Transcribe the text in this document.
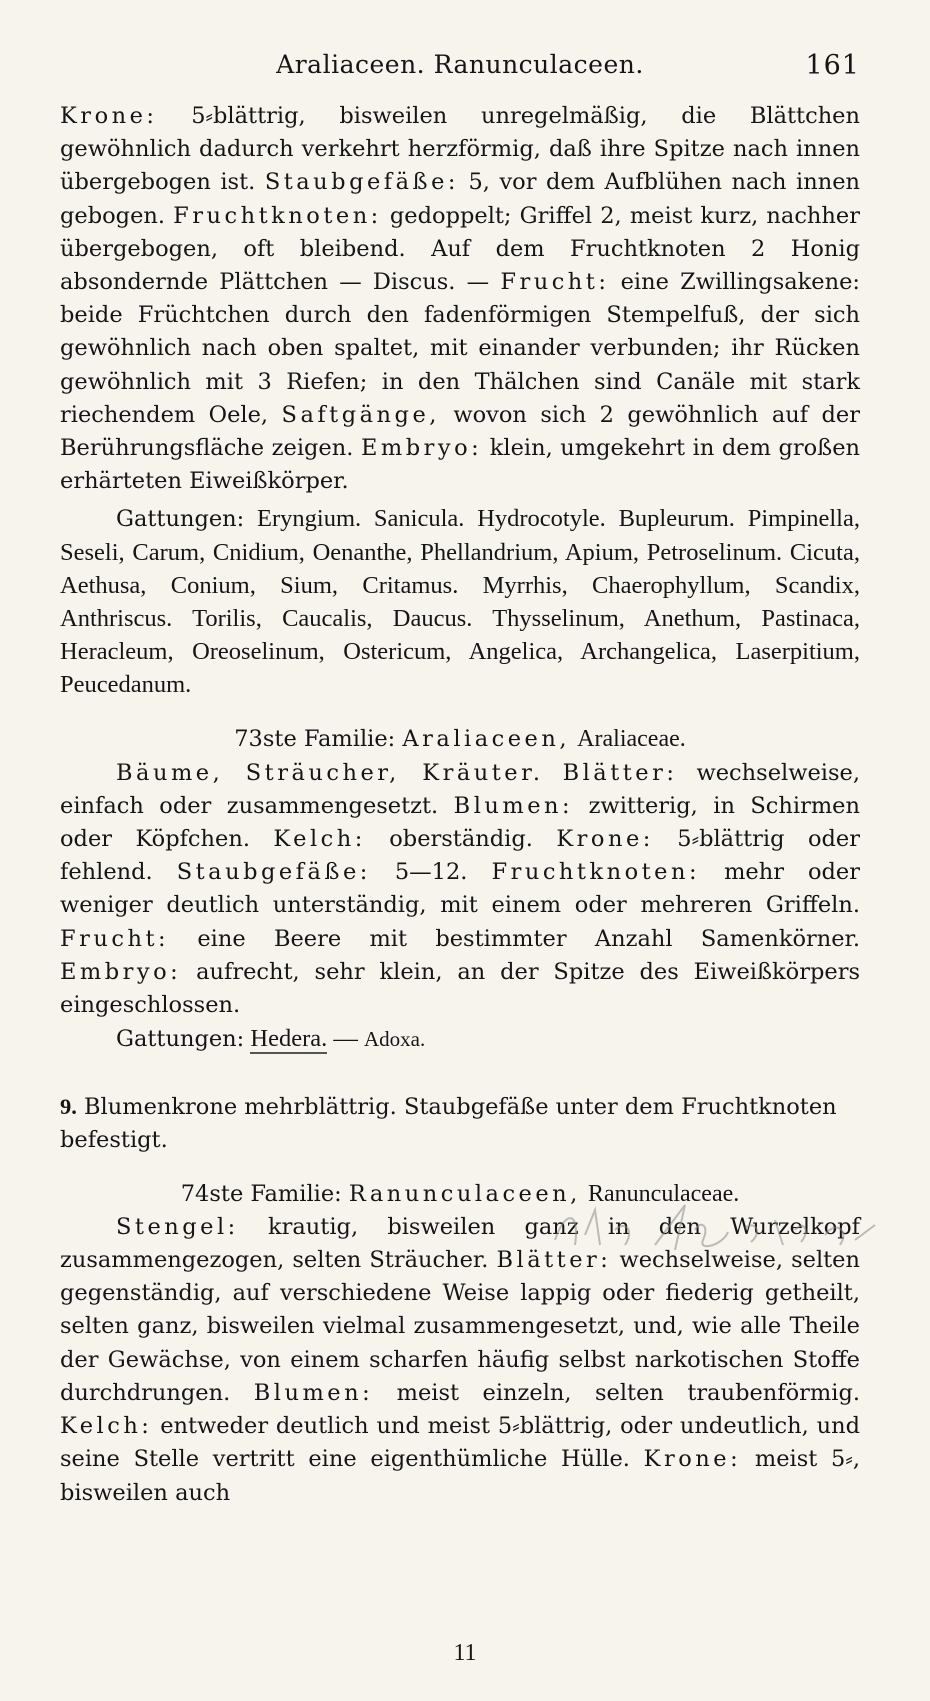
Araliaceen. Ranunculaceen.	161

Krone: 5⸗blättrig, bisweilen unregelmäßig, die Blättchen gewöhnlich dadurch verkehrt herzförmig, daß ihre Spitze nach innen übergebogen ist. Staubgefäße: 5, vor dem Aufblühen nach innen gebogen. Fruchtknoten: gedoppelt; Griffel 2, meist kurz, nachher übergebogen, oft bleibend. Auf dem Fruchtknoten 2 Honig absondernde Plättchen — Discus. — Frucht: eine Zwillingsakene: beide Früchtchen durch den fadenförmigen Stempelfuß, der sich gewöhnlich nach oben spaltet, mit einander verbunden; ihr Rücken gewöhnlich mit 3 Riefen; in den Thälchen sind Canäle mit stark riechendem Oele, Saftgänge, wovon sich 2 gewöhnlich auf der Berührungsfläche zeigen. Embryo: klein, umgekehrt in dem großen erhärteten Eiweißkörper.

Gattungen: Eryngium. Sanicula. Hydrocotyle. Bupleurum. Pimpinella, Seseli, Carum, Cnidium, Oenanthe, Phellandrium, Apium, Petroselinum. Cicuta, Aethusa, Conium, Sium, Critamus. Myrrhis, Chaerophyllum, Scandix, Anthriscus. Torilis, Caucalis, Daucus. Thysselinum, Anethum, Pastinaca, Heracleum, Oreoselinum, Ostericum, Angelica, Archangelica, Laserpitium, Peucedanum.

73ste Familie: Araliaceen, Araliaceae.

Bäume, Sträucher, Kräuter. Blätter: wechselweise, einfach oder zusammengesetzt. Blumen: zwitterig, in Schirmen oder Köpfchen. Kelch: oberständig. Krone: 5⸗blättrig oder fehlend. Staubgefäße: 5—12. Fruchtknoten: mehr oder weniger deutlich unterständig, mit einem oder mehreren Griffeln. Frucht: eine Beere mit bestimmter Anzahl Samenkörner. Embryo: aufrecht, sehr klein, an der Spitze des Eiweißkörpers eingeschlossen.

Gattungen: Hedera. — Adoxa.

9. Blumenkrone mehrblättrig. Staubgefäße unter dem Fruchtknoten befestigt.

74ste Familie: Ranunculaceen, Ranunculaceae.

Stengel: krautig, bisweilen ganz in den Wurzelkopf zusammengezogen, selten Sträucher. Blätter: wechselweise, selten gegenständig, auf verschiedene Weise lappig oder fiederig getheilt, selten ganz, bisweilen vielmal zusammengesetzt, und, wie alle Theile der Gewächse, von einem scharfen häufig selbst narkotischen Stoffe durchdrungen. Blumen: meist einzeln, selten traubenförmig. Kelch: entweder deutlich und meist 5⸗blättrig, oder undeutlich, und seine Stelle vertritt eine eigenthümliche Hülle. Krone: meist 5⸗, bisweilen auch

11
